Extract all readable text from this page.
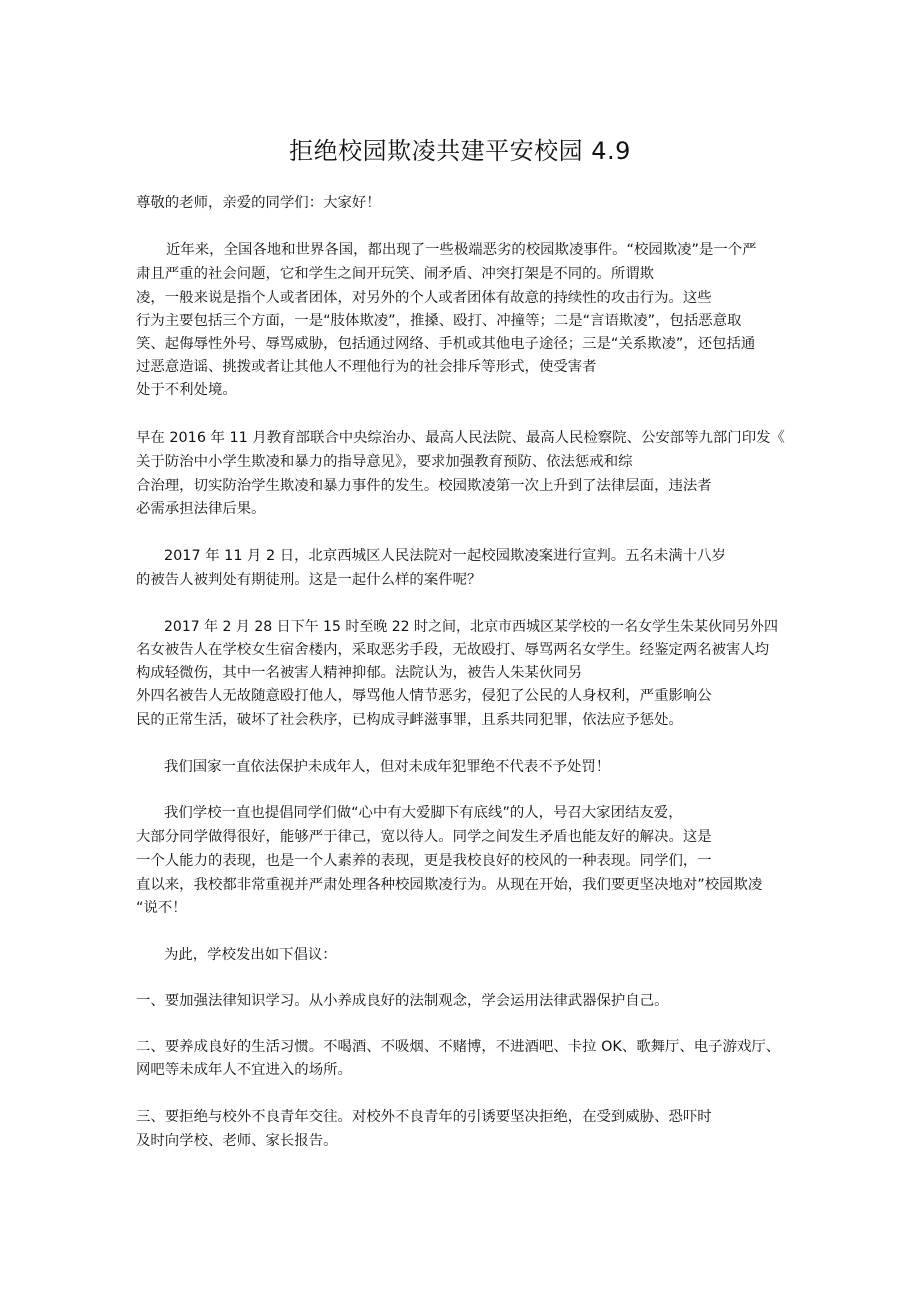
拒绝校园欺凌共建平安校园 4.9
尊敬的老师，亲爱的同学们：大家好！
近年来，全国各地和世界各国，都出现了一些极端恶劣的校园欺凌事件。“校园欺凌”是一个严
肃且严重的社会问题，它和学生之间开玩笑、闹矛盾、冲突打架是不同的。所谓欺
凌，一般来说是指个人或者团体，对另外的个人或者团体有故意的持续性的攻击行为。这些
行为主要包括三个方面，一是“肢体欺凌”，推搡、殴打、冲撞等；二是“言语欺凌”，包括恶意取
笑、起侮辱性外号、辱骂威胁，包括通过网络、手机或其他电子途径；三是“关系欺凌”，还包括通
过恶意造谣、挑拨或者让其他人不理他行为的社会排斥等形式，使受害者
处于不利处境。
早在 2016 年 11 月教育部联合中央综治办、最高人民法院、最高人民检察院、公安部等九部门印发《
关于防治中小学生欺凌和暴力的指导意见》，要求加强教育预防、依法惩戒和综
合治理，切实防治学生欺凌和暴力事件的发生。校园欺凌第一次上升到了法律层面，违法者
必需承担法律后果。
2017 年 11 月 2 日，北京西城区人民法院对一起校园欺凌案进行宣判。五名未满十八岁
的被告人被判处有期徒刑。这是一起什么样的案件呢？
2017 年 2 月 28 日下午 15 时至晚 22 时之间，北京市西城区某学校的一名女学生朱某伙同另外四
名女被告人在学校女生宿舍楼内，采取恶劣手段，无故殴打、辱骂两名女学生。经鉴定两名被害人均
构成轻微伤，其中一名被害人精神抑郁。法院认为，被告人朱某伙同另
外四名被告人无故随意殴打他人，辱骂他人情节恶劣，侵犯了公民的人身权利，严重影响公
民的正常生活，破坏了社会秩序，已构成寻衅滋事罪，且系共同犯罪，依法应予惩处。
我们国家一直依法保护未成年人，但对未成年犯罪绝不代表不予处罚！
我们学校一直也提倡同学们做“心中有大爱脚下有底线”的人，号召大家团结友爱，
大部分同学做得很好，能够严于律己，宽以待人。同学之间发生矛盾也能友好的解决。这是
一个人能力的表现，也是一个人素养的表现，更是我校良好的校风的一种表现。同学们，一
直以来，我校都非常重视并严肃处理各种校园欺凌行为。从现在开始，我们要更坚决地对”校园欺凌
“说不！
为此，学校发出如下倡议：
一、要加强法律知识学习。从小养成良好的法制观念，学会运用法律武器保护自己。
二、要养成良好的生活习惯。不喝酒、不吸烟、不赌博，不进酒吧、卡拉 OK、歌舞厅、电子游戏厅、
网吧等未成年人不宜进入的场所。
三、要拒绝与校外不良青年交往。对校外不良青年的引诱要坚决拒绝，在受到威胁、恐吓时
及时向学校、老师、家长报告。
